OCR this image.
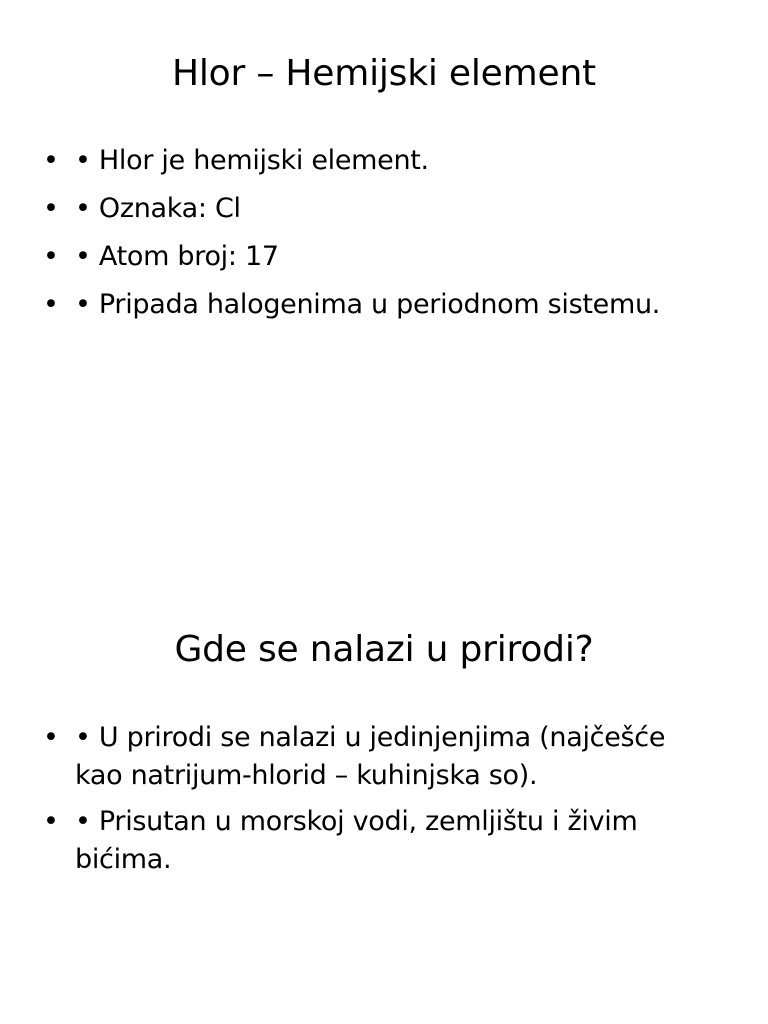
Hlor – Hemijski element
• • Hlor je hemijski element.
• • Oznaka: Cl
• • Atom broj: 17
• • Pripada halogenima u periodnom sistemu.
Gde se nalazi u prirodi?
• • U prirodi se nalazi u jedinjenjima (najčešće kao natrijum-hlorid – kuhinjska so).
• • Prisutan u morskoj vodi, zemljištu i živim bićima.
